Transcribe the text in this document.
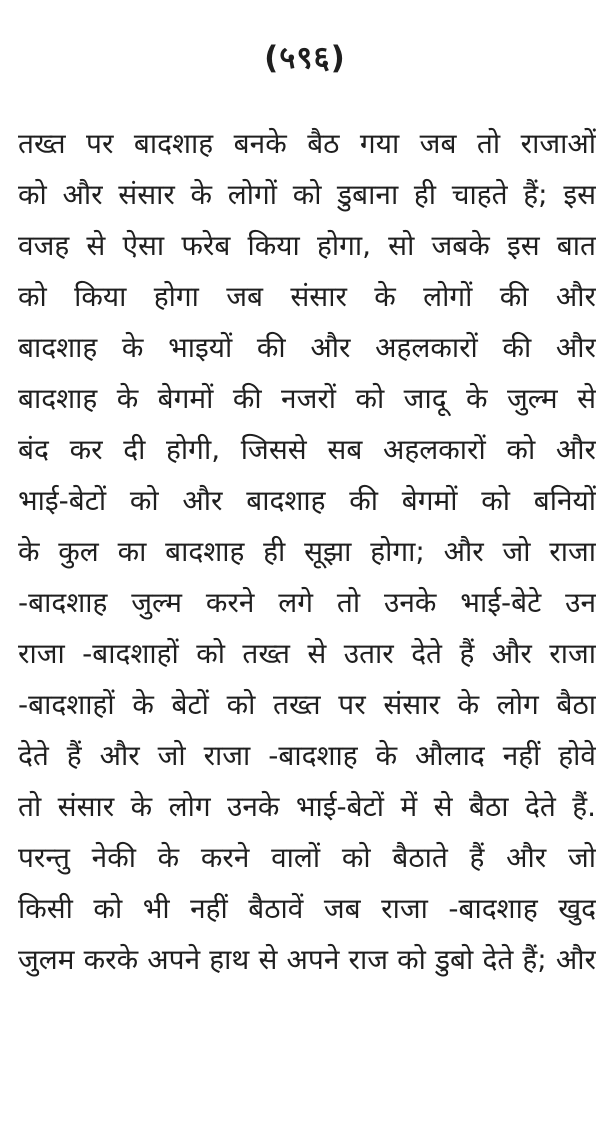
(५९६)
तख्त पर बादशाह बनके बैठ गया जब तो राजाओं
को और संसार के लोगों को डुबाना ही चाहते हैं; इस
वजह से ऐसा फरेब किया होगा, सो जबके इस बात
को किया होगा जब संसार के लोगों की और
बादशाह के भाइयों की और अहलकारों की और
बादशाह के बेगमों की नजरों को जादू के जुल्म से
बंद कर दी होगी, जिससे सब अहलकारों को और
भाई-बेटों को और बादशाह की बेगमों को बनियों
के कुल का बादशाह ही सूझा होगा; और जो राजा
-बादशाह जुल्म करने लगे तो उनके भाई-बेटे उन
राजा -बादशाहों को तख्त से उतार देते हैं और राजा
-बादशाहों के बेटों को तख्त पर संसार के लोग बैठा
देते हैं और जो राजा -बादशाह के औलाद नहीं होवे
तो संसार के लोग उनके भाई-बेटों में से बैठा देते हैं.
परन्तु नेकी के करने वालों को बैठाते हैं और जो
किसी को भी नहीं बैठावें जब राजा -बादशाह खुद
जुलम करके अपने हाथ से अपने राज को डुबो देते हैं; और
